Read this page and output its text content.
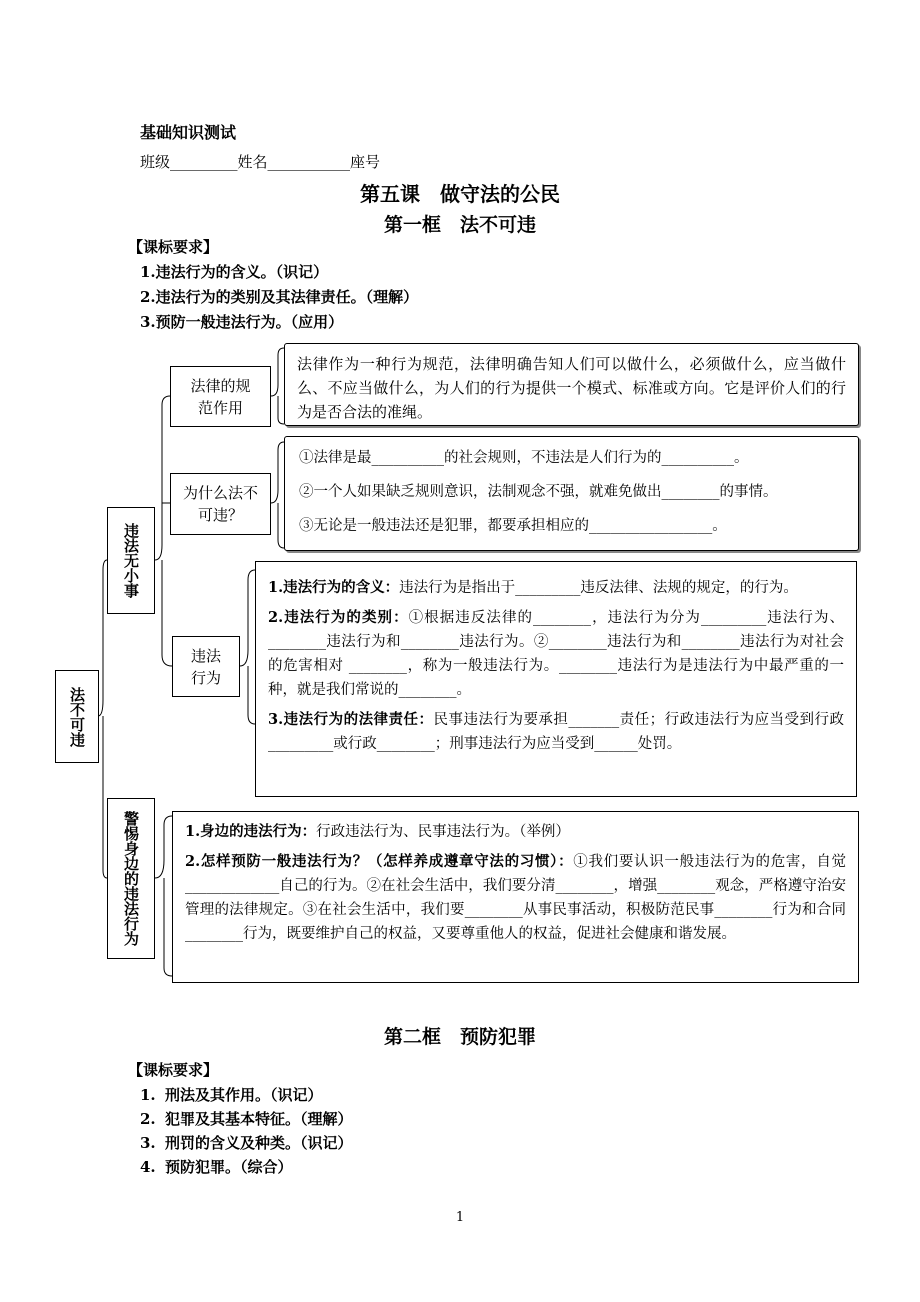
基础知识测试
班级_________姓名___________座号
第五课　做守法的公民
第一框　法不可违
【课标要求】
1.违法行为的含义。（识记）
2.违法行为的类别及其法律责任。（理解）
3.预防一般违法行为。（应用）
法不可违
违法无小事
警惕身边的违法行为
法律的规范作用
为什么法不可违？
违法行为

法律作为一种行为规范，法律明确告知人们可以做什么，必须做什么，应当做什么、不应当做什么，为人们的行为提供一个模式、标准或方向。它是评价人们的行为是否合法的准绳。

①法律是最__________的社会规则，不违法是人们行为的__________。

②一个人如果缺乏规则意识，法制观念不强，就难免做出________的事情。

③无论是一般违法还是犯罪，都要承担相应的_________________。

1.违法行为的含义：违法行为是指出于_________违反法律、法规的规定，的行为。

2.违法行为的类别：①根据违反法律的________，违法行为分为_________违法行为、________违法行为和________违法行为。②________违法行为和________违法行为对社会的危害相对 ________，称为一般违法行为。________违法行为是违法行为中最严重的一种，就是我们常说的________。

3.违法行为的法律责任：民事违法行为要承担_______责任；行政违法行为应当受到行政_________或行政________；刑事违法行为应当受到______处罚。

1.身边的违法行为：行政违法行为、民事违法行为。（举例）

2.怎样预防一般违法行为？（怎样养成遵章守法的习惯）：①我们要认识一般违法行为的危害，自觉_____________自己的行为。②在社会生活中，我们要分清________，增强________观念，严格遵守治安管理的法律规定。③在社会生活中，我们要________从事民事活动，积极防范民事________行为和合同________行为，既要维护自己的权益，又要尊重他人的权益，促进社会健康和谐发展。

第二框　预防犯罪
【课标要求】
1. 刑法及其作用。（识记）
2. 犯罪及其基本特征。（理解）
3. 刑罚的含义及种类。（识记）
4. 预防犯罪。（综合）
1
